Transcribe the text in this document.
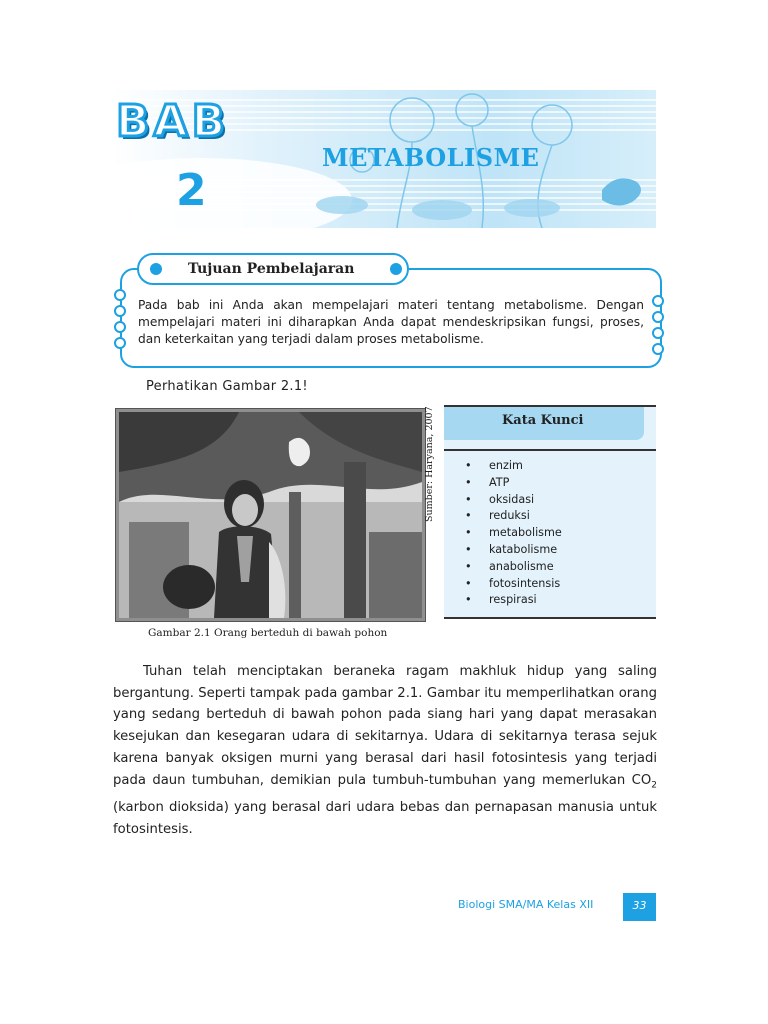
BAB
2
METABOLISME
Tujuan Pembelajaran
Pada bab ini Anda akan mempelajari materi tentang metabolisme. Dengan mempelajari materi ini diharapkan Anda dapat mendeskripsikan fungsi, proses, dan keterkaitan yang terjadi dalam proses metabolisme.
Perhatikan Gambar 2.1!
Sumber: Haryana, 2007
Gambar 2.1 Orang berteduh di bawah pohon
Kata Kunci
• enzim
• ATP
• oksidasi
• reduksi
• metabolisme
• katabolisme
• anabolisme
• fotosintensis
• respirasi

Tuhan telah menciptakan beraneka ragam makhluk hidup yang saling bergantung. Seperti tampak pada gambar 2.1. Gambar itu memperlihatkan orang yang sedang berteduh di bawah pohon pada siang hari yang dapat merasakan kesejukan dan kesegaran udara di sekitarnya. Udara di sekitarnya terasa sejuk karena banyak oksigen murni yang berasal dari hasil fotosintesis yang terjadi pada daun tumbuhan, demikian pula tumbuh-tumbuhan yang memerlukan $CO_2$ (karbon dioksida) yang berasal dari udara bebas dan pernapasan manusia untuk fotosintesis.

Biologi SMA/MA Kelas XII	33
